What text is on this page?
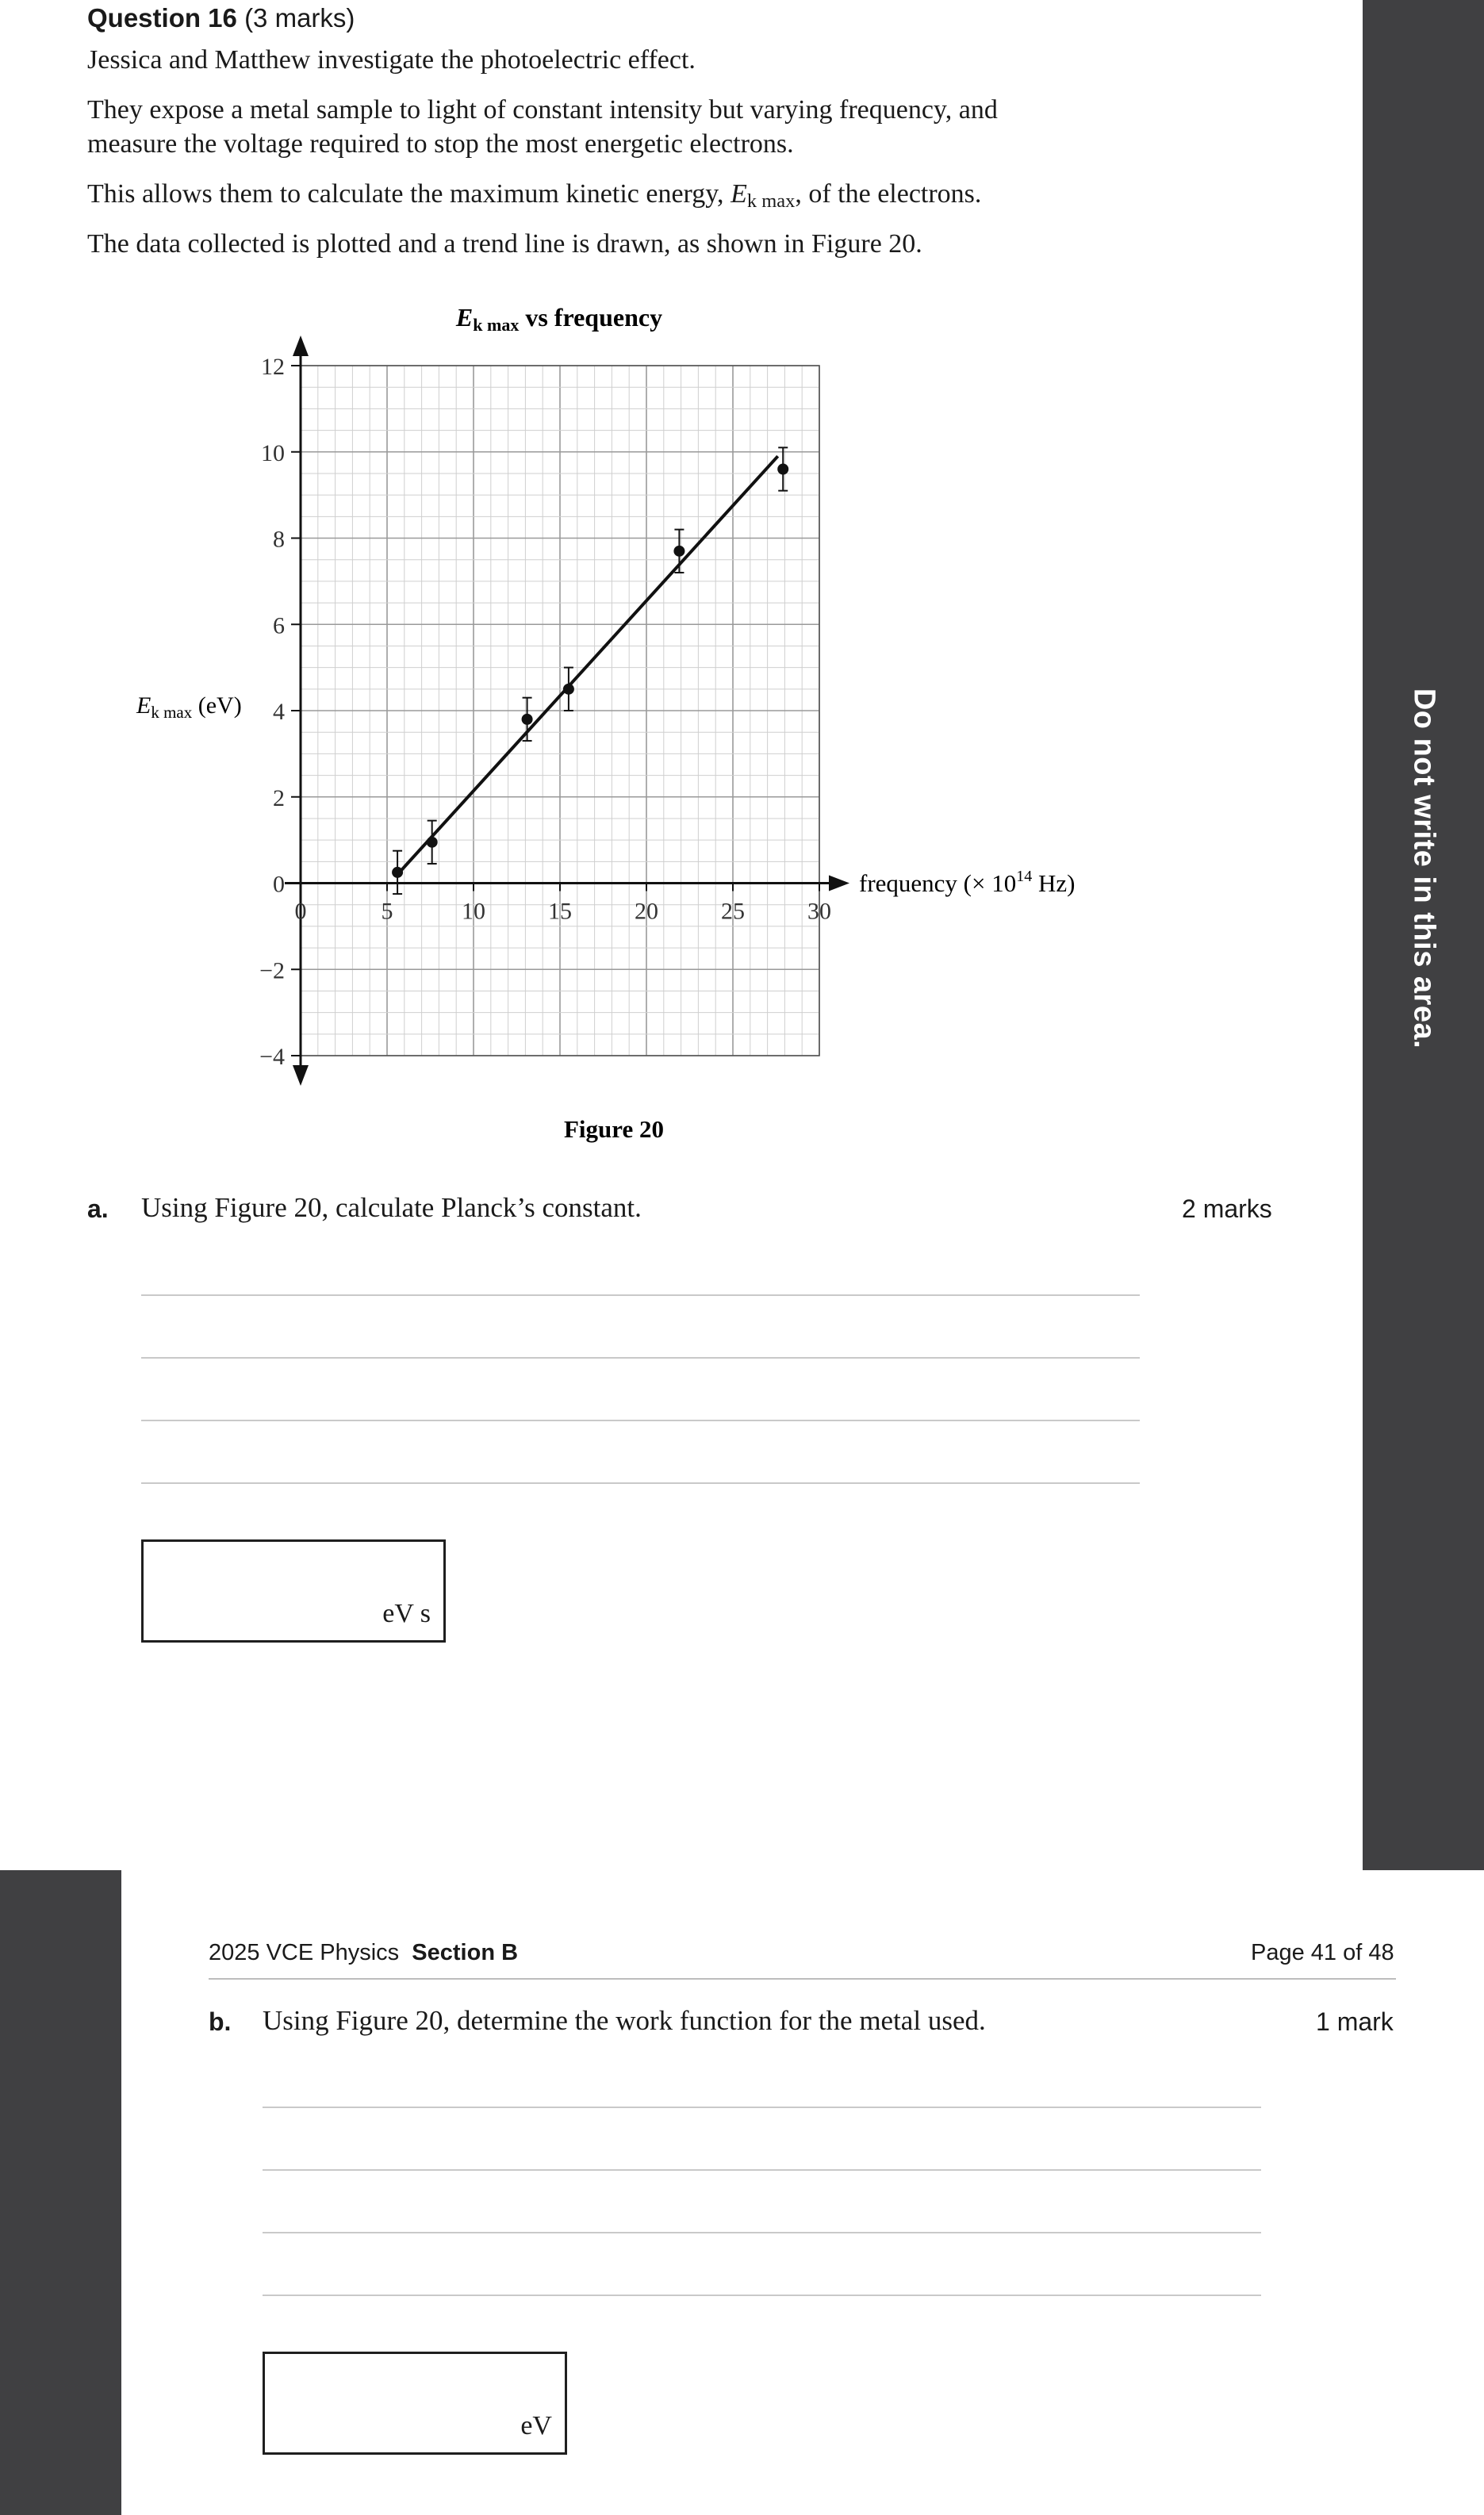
Do not write in this area.
Question 16 (3 marks)
Jessica and Matthew investigate the photoelectric effect.
They expose a metal sample to light of constant intensity but varying frequency, and
measure the voltage required to stop the most energetic electrons.
This allows them to calculate the maximum kinetic energy, $E_{k max}$, of the electrons.
The data collected is plotted and a trend line is drawn, as shown in Figure 20.
Ek max vs frequency
0	5	10	15	20	25	30
12
10
8
6
4
2
0
−2
−4
$E_{k max}$ (eV)
frequency (× $10^{14}$ Hz)
Figure 20
a. Using Figure 20, calculate Planck’s constant.	2 marks
eV s
2025 VCE Physics Section B	Page 41 of 48
b. Using Figure 20, determine the work function for the metal used.	1 mark
eV
